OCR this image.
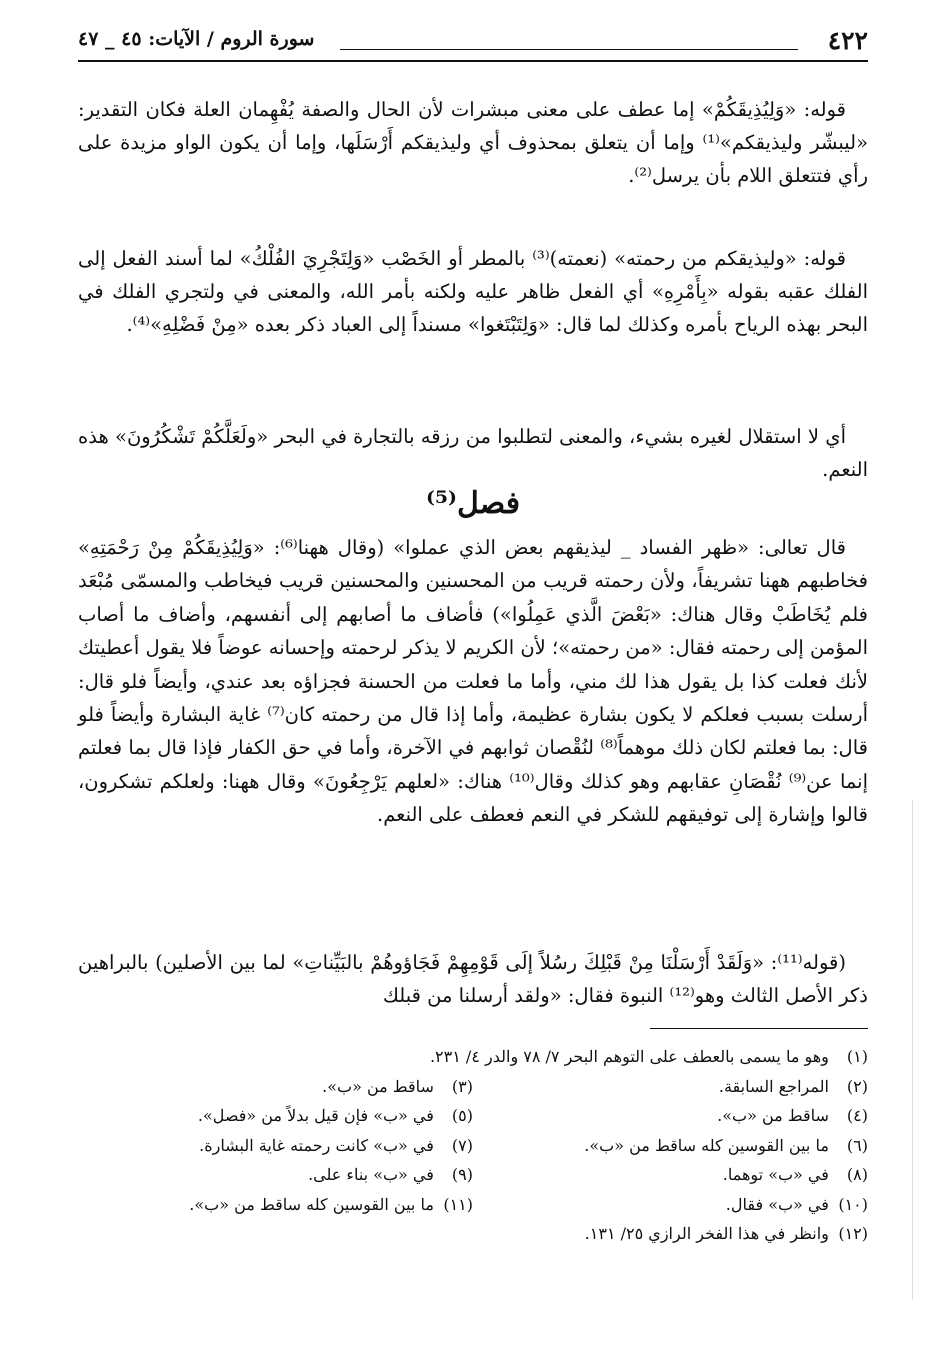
٤٢٢
سورة الروم / الآيات: ٤٥ _ ٤٧

قوله: «وَلِيُذِيقَكُمْ» إما عطف على معنى مبشرات لأن الحال والصفة يُفْهِمان العلة فكان التقدير: «ليبشّر وليذيقكم»⁽¹⁾ وإما أن يتعلق بمحذوف أي وليذيقكم أَرْسَلَها، وإما أن يكون الواو مزيدة على رأي فتتعلق اللام بأن يرسل⁽²⁾.

قوله: «وليذيقكم من رحمته» (نعمته)⁽³⁾ بالمطر أو الخَصْب «وَلِتَجْرِيَ الفُلْكُ» لما أسند الفعل إلى الفلك عقبه بقوله «بِأَمْرِهِ» أي الفعل ظاهر عليه ولكنه بأمر الله، والمعنى في ولتجري الفلك في البحر بهذه الرياح بأمره وكذلك لما قال: «وَلِتَبْتَغوا» مسنداً إلى العباد ذكر بعده «مِنْ فَضْلِهِ»⁽⁴⁾.

أي لا استقلال لغيره بشيء، والمعنى لتطلبوا من رزقه بالتجارة في البحر «ولَعَلَّكُمْ تَشْكُرُونَ» هذه النعم.

فصل⁽⁵⁾

قال تعالى: «ظهر الفساد _ ليذيقهم بعض الذي عملوا» (وقال ههنا⁽⁶⁾: «وَلِيُذِيقَكُمْ مِنْ رَحْمَتِهِ» فخاطبهم ههنا تشريفاً، ولأن رحمته قريب من المحسنين والمحسنين قريب فيخاطب والمسمّى مُبْعَد فلم يُخَاطَبْ وقال هناك: «بَعْضَ الَّذي عَمِلُوا») فأضاف ما أصابهم إلى أنفسهم، وأضاف ما أصاب المؤمن إلى رحمته فقال: «من رحمته»؛ لأن الكريم لا يذكر لرحمته وإحسانه عوضاً فلا يقول أعطيتك لأنك فعلت كذا بل يقول هذا لك مني، وأما ما فعلت من الحسنة فجزاؤه بعد عندي، وأيضاً فلو قال: أرسلت بسبب فعلكم لا يكون بشارة عظيمة، وأما إذا قال من رحمته كان⁽⁷⁾ غاية البشارة وأيضاً فلو قال: بما فعلتم لكان ذلك موهماً⁽⁸⁾ لنُقْصان ثوابهم في الآخرة، وأما في حق الكفار فإذا قال بما فعلتم إنما عن⁽⁹⁾ نُقْصَانِ عقابهم وهو كذلك وقال⁽¹⁰⁾ هناك: «لعلهم يَرْجِعُونَ» وقال ههنا: ولعلكم تشكرون، قالوا وإشارة إلى توفيقهم للشكر في النعم فعطف على النعم.

(قوله⁽¹¹⁾: «وَلَقَدْ أَرْسَلْنَا مِنْ قَبْلِكَ رسُلاً إلَى قَوْمِهِمْ فَجَاؤوهُمْ بالبَيِّناتِ» لما بين الأصلين) بالبراهين ذكر الأصل الثالث وهو⁽¹²⁾ النبوة فقال: «ولقد أرسلنا من قبلك

(١) وهو ما يسمى بالعطف على التوهم البحر ٧/ ٧٨ والدر ٤/ ٢٣١.
(٢) المراجع السابقة.
(٣) ساقط من «ب».
(٤) ساقط من «ب».
(٥) في «ب» فإن قيل بدلاً من «فصل».
(٦) ما بين القوسين كله ساقط من «ب».
(٧) في «ب» كانت رحمته غاية البشارة.
(٨) في «ب» توهما.
(٩) في «ب» بناء على.
(١٠) في «ب» فقال.
(١١) ما بين القوسين كله ساقط من «ب».
(١٢) وانظر في هذا الفخر الرازي ٢٥/ ١٣١.
